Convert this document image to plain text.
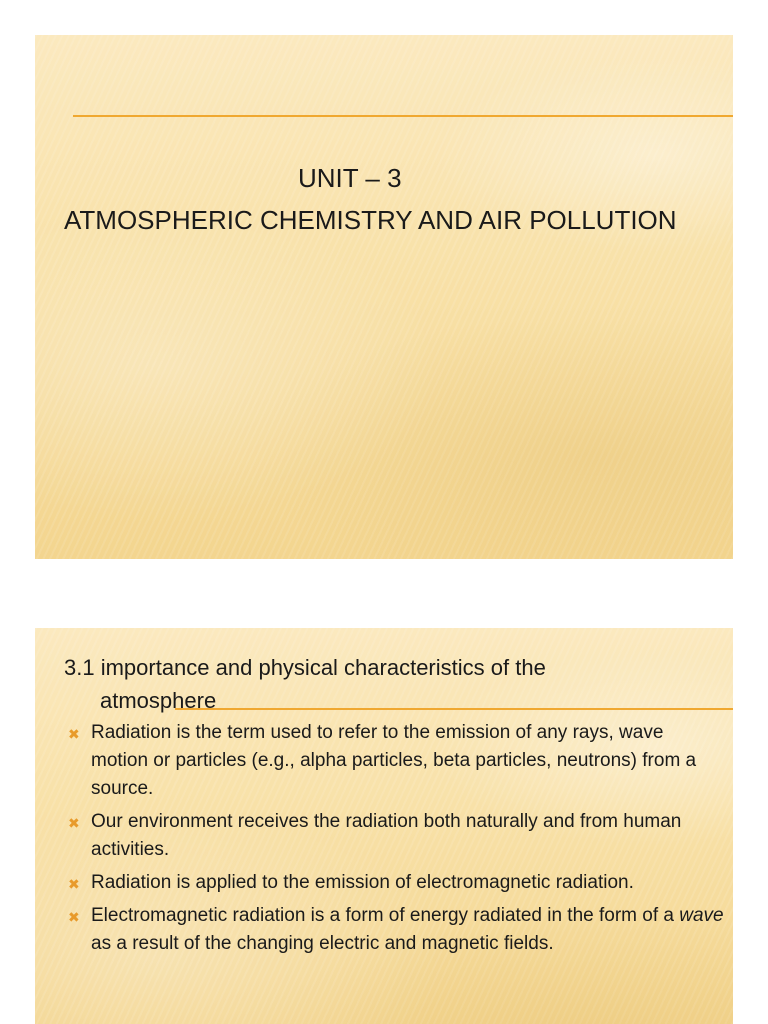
UNIT – 3
ATMOSPHERIC CHEMISTRY AND AIR POLLUTION
3.1 importance and physical characteristics of the
atmosphere
✖ Radiation is the term used to refer to the emission of any rays, wave motion or particles (e.g., alpha particles, beta particles, neutrons) from a source.
✖ Our environment receives the radiation both naturally and from human activities.
✖ Radiation is applied to the emission of electromagnetic radiation.
✖ Electromagnetic radiation is a form of energy radiated in the form of a wave as a result of the changing electric and magnetic fields.
